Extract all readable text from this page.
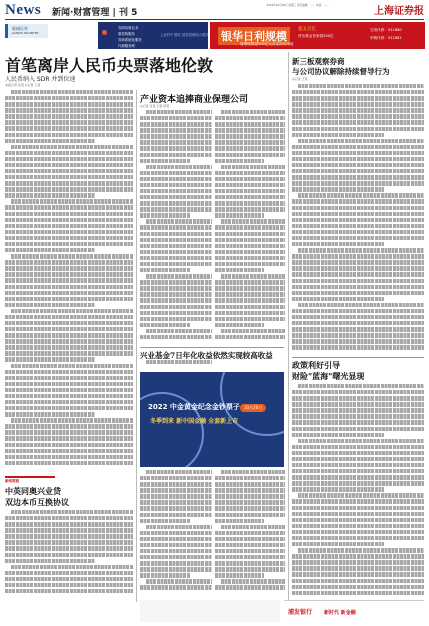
News 新闻·财富管理 | 刊 5
2022年10月26日 星期三 责任编辑：…… 电话：……
上海证券报
联储证券
LIANCHU SECURITIES
券商结算业务
做机构服务
券商系统化服务
代理服务网
上证ETF 期权 财富管理综合服务 银华日利规模
超五百亿
货币基金首家超500亿
管理规模超500亿元存量持有净值
交易代码：511880
申购代码：511881
首笔离岸人民币央票落地伦敦
人民币纳入 SDR 并到位速
本报记者 张某 ◎记者 王某
产业资本追捧商业保理公司
◎记者 张某 记者 陈某
兴业基金7日年化收益依然实现较高收益
2022 中金黄金纪念金钞票子
冬季到来 新中国金融 全套新上市
10月26日
新三板观察券商
与公司协议解除持续督导行为
◎记者 王某
政策利好引导
财险"蓝海"曙光显现
新闻观察
中英同奥兴业贷
双边本币互换协议
浦发银行 新时代 新金融
